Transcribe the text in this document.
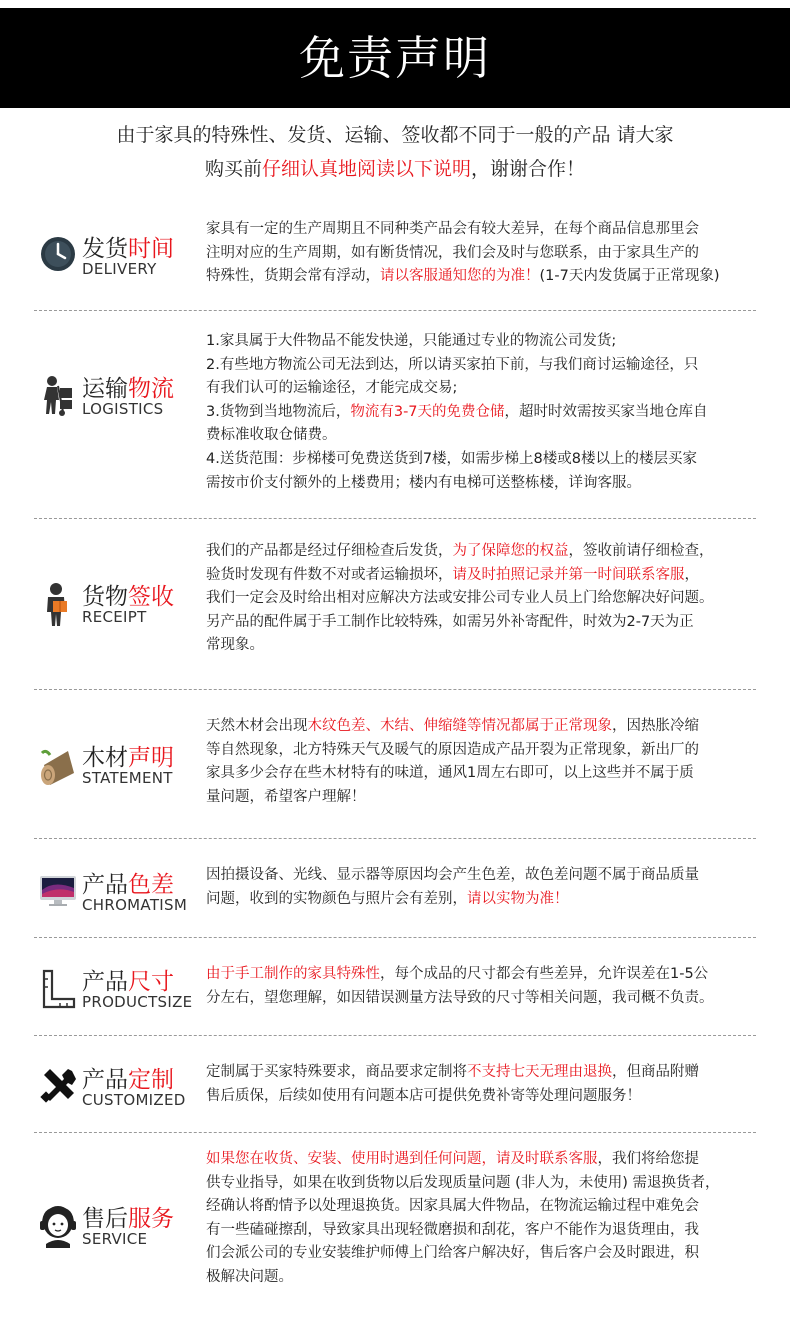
免责声明
由于家具的特殊性、发货、运输、签收都不同于一般的产品 请大家
购买前仔细认真地阅读以下说明，谢谢合作！
发货时间
DELIVERY

家具有一定的生产周期且不同种类产品会有较大差异，在每个商品信息那里会

注明对应的生产周期，如有断货情况，我们会及时与您联系，由于家具生产的

特殊性，货期会常有浮动，请以客服通知您的为准！(1-7天内发货属于正常现象)

运输物流
LOGISTICS

1.家具属于大件物品不能发快递，只能通过专业的物流公司发货;

2.有些地方物流公司无法到达，所以请买家拍下前，与我们商讨运输途径，只

有我们认可的运输途径，才能完成交易;

3.货物到当地物流后，物流有3-7天的免费仓储，超时时效需按买家当地仓库自

费标准收取仓储费。

4.送货范围：步梯楼可免费送货到7楼，如需步梯上8楼或8楼以上的楼层买家

需按市价支付额外的上楼费用；楼内有电梯可送整栋楼，详询客服。

货物签收
RECEIPT

我们的产品都是经过仔细检查后发货，为了保障您的权益，签收前请仔细检查，

验货时发现有件数不对或者运输损坏，请及时拍照记录并第一时间联系客服，

我们一定会及时给出相对应解决方法或安排公司专业人员上门给您解决好问题。

另产品的配件属于手工制作比较特殊，如需另外补寄配件，时效为2-7天为正

常现象。

木材声明
STATEMENT

天然木材会出现木纹色差、木结、伸缩缝等情况都属于正常现象，因热胀冷缩

等自然现象，北方特殊天气及暖气的原因造成产品开裂为正常现象，新出厂的

家具多少会存在些木材特有的味道，通风1周左右即可，以上这些并不属于质

量问题，希望客户理解！

产品色差
CHROMATISM

因拍摄设备、光线、显示器等原因均会产生色差，故色差问题不属于商品质量

问题，收到的实物颜色与照片会有差别，请以实物为准！

产品尺寸
PRODUCTSIZE

由于手工制作的家具特殊性，每个成品的尺寸都会有些差异，允许误差在1-5公

分左右，望您理解，如因错误测量方法导致的尺寸等相关问题，我司概不负责。

产品定制
CUSTOMIZED

定制属于买家特殊要求，商品要求定制将不支持七天无理由退换，但商品附赠

售后质保，后续如使用有问题本店可提供免费补寄等处理问题服务！

售后服务
SERVICE

如果您在收货、安装、使用时遇到任何问题，请及时联系客服，我们将给您提

供专业指导，如果在收到货物以后发现质量问题 (非人为，未使用) 需退换货者，

经确认将酌情予以处理退换货。因家具属大件物品，在物流运输过程中难免会

有一些磕碰擦刮，导致家具出现轻微磨损和刮花，客户不能作为退货理由，我

们会派公司的专业安装维护师傅上门给客户解决好，售后客户会及时跟进，积

极解决问题。
